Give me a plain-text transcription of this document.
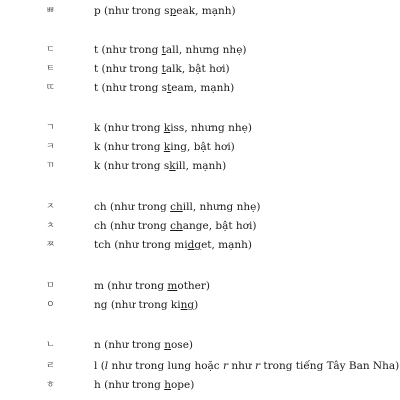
ㅃ	p (như trong speak, mạnh)
ㄷ	t (như trong tall, nhưng nhẹ)
ㅌ	t (như trong talk, bật hơi)
ㄸ	t (như trong steam, mạnh)
ㄱ	k (như trong kiss, nhưng nhẹ)
ㅋ	k (như trong king, bật hơi)
ㄲ	k (như trong skill, mạnh)
ㅈ	ch (như trong chill, nhưng nhẹ)
ㅊ	ch (như trong change, bật hơi)
ㅉ	tch (như trong midget, mạnh)
ㅁ	m (như trong mother)
ㅇ	ng (như trong king)
ㄴ	n (như trong nose)
ㄹ	l (l như trong lung hoặc r như r trong tiếng Tây Ban Nha)
ㅎ	h (như trong hope)
